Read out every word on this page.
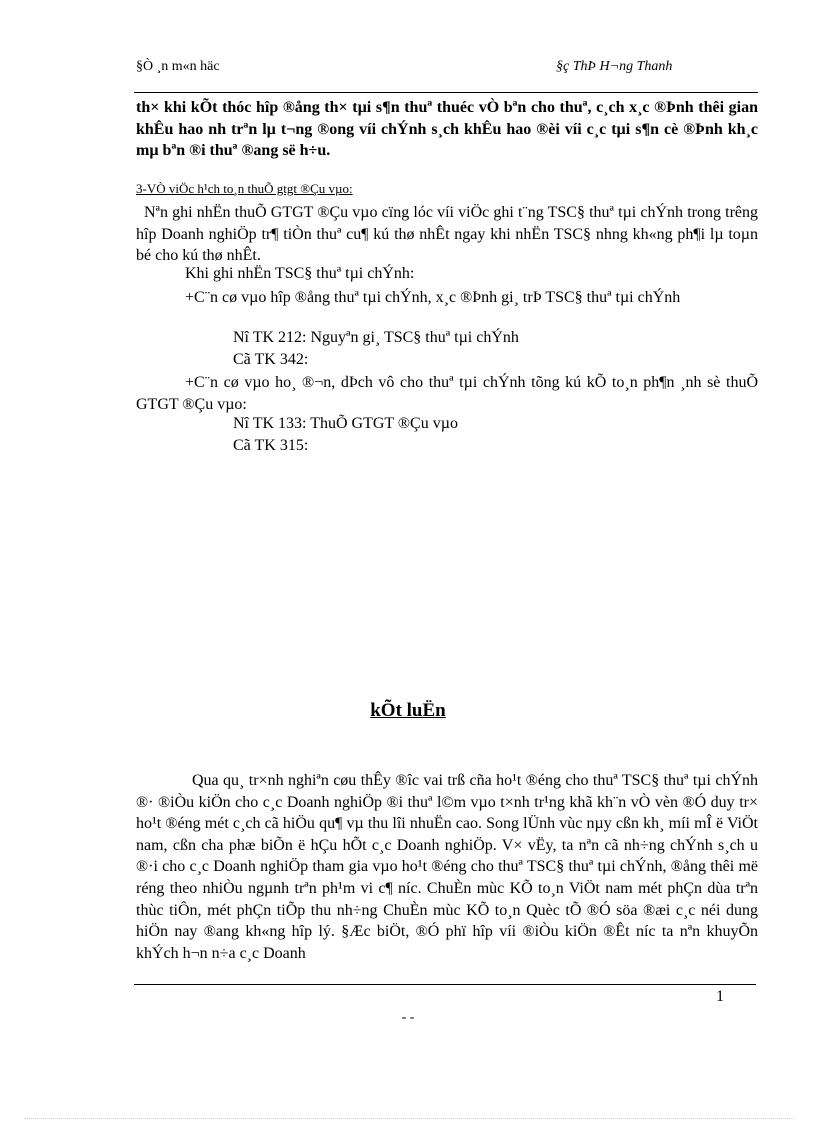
§Ò ¸n m«n häc	§ç ThÞ H¬ng Thanh

th× khi kÕt thóc hîp ®ång th× tµi s¶n thuª thuéc vÒ bªn cho thuª, c¸ch x¸c ®Þnh thêi gian khÊu hao nh trªn lµ t¬ng ®ong víi chÝnh s¸ch khÊu hao ®èi víi c¸c tµi s¶n cè ®Þnh kh¸c mµ bªn ®i thuª ®ang së h÷u.

3-VÒ viÖc h¹ch to¸n thuÕ gtgt ®Çu vµo:

Nªn ghi nhËn thuÕ GTGT ®Çu vµo cïng lóc víi viÖc ghi t¨ng TSC§ thuª tµi chÝnh trong trêng hîp Doanh nghiÖp tr¶ tiÒn thuª cu¶ kú thø nhÊt ngay khi nhËn TSC§ nhng kh«ng ph¶i lµ toµn bé cho kú thø nhÊt.

Khi ghi nhËn TSC§ thuª tµi chÝnh:

+C¨n cø vµo hîp ®ång thuª tµi chÝnh, x¸c ®Þnh gi¸ trÞ TSC§ thuª tµi chÝnh

Nî TK 212: Nguyªn gi¸ TSC§ thuª tµi chÝnh
Cã TK 342:

+C¨n cø vµo ho¸ ®¬n, dÞch vô cho thuª tµi chÝnh tõng kú kÕ to¸n ph¶n ¸nh sè thuÕ GTGT ®Çu vµo:

Nî TK 133: ThuÕ GTGT ®Çu vµo
Cã TK 315:
kÕt luËn

Qua qu¸ tr×nh nghiªn cøu thÊy ®îc vai trß cña ho¹t ®éng cho thuª TSC§ thuª tµi chÝnh ®· ®iÒu kiÖn cho c¸c Doanh nghiÖp ®i thuª l©m vµo t×nh tr¹ng khã kh¨n vÒ vèn ®Ó duy tr× ho¹t ®éng mét c¸ch cã hiÖu qu¶ vµ thu lîi nhuËn cao. Song lÜnh vùc nµy cßn kh¸ míi mÎ ë ViÖt nam, cßn cha phæ biÕn ë hÇu hÕt c¸c Doanh nghiÖp. V× vËy, ta nªn cã nh÷ng chÝnh s¸ch u ®·i cho c¸c Doanh nghiÖp tham gia vµo ho¹t ®éng cho thuª TSC§ thuª tµi chÝnh, ®ång thêi më réng theo nhiÒu ngµnh trªn ph¹m vi c¶ níc. ChuÈn mùc KÕ to¸n ViÖt nam mét phÇn dùa trªn thùc tiÔn, mét phÇn tiÕp thu nh÷ng ChuÈn mùc KÕ to¸n Quèc tÕ ®Ó söa ®æi c¸c néi dung hiÖn nay ®ang kh«ng hîp lý. §Æc biÖt, ®Ó phï hîp víi ®iÒu kiÖn ®Êt níc ta nªn khuyÕn khÝch h¬n n÷a c¸c Doanh

1
- -
